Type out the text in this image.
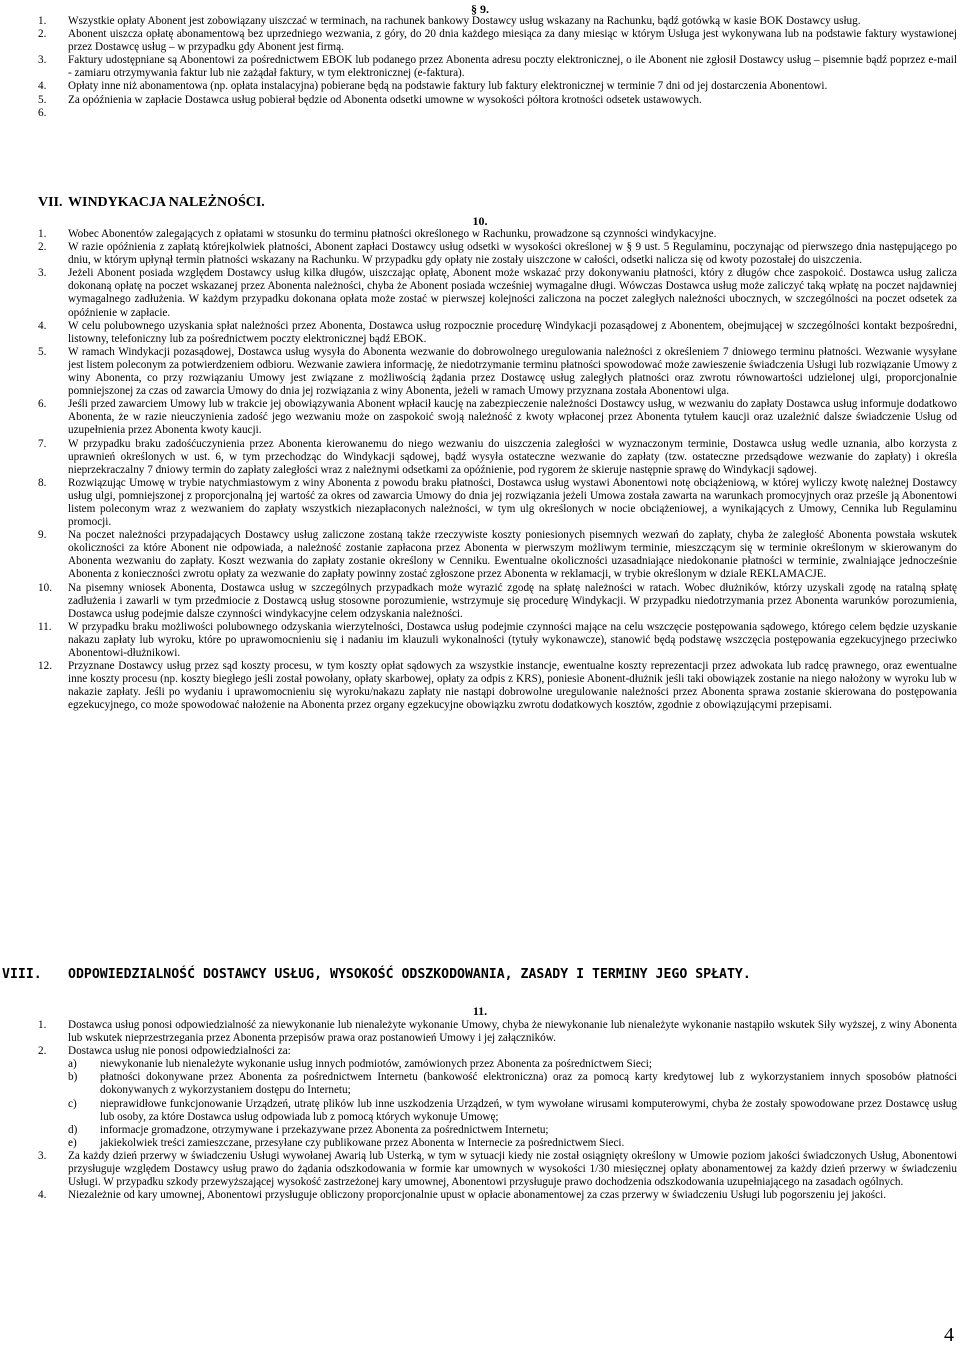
§ 9.
1. Wszystkie opłaty Abonent jest zobowiązany uiszczać w terminach, na rachunek bankowy Dostawcy usług wskazany na Rachunku, bądź gotówką w kasie BOK Dostawcy usług.
2. Abonent uiszcza opłatę abonamentową bez uprzedniego wezwania, z góry, do 20 dnia każdego miesiąca za dany miesiąc w którym Usługa jest wykonywana lub na podstawie faktury wystawionej przez Dostawcę usług – w przypadku gdy Abonent jest firmą.
3. Faktury udostępniane są Abonentowi za pośrednictwem EBOK lub podanego przez Abonenta adresu poczty elektronicznej, o ile Abonent nie zgłosił Dostawcy usług – pisemnie bądź poprzez e-mail - zamiaru otrzymywania faktur lub nie zażądał faktury, w tym elektronicznej (e-faktura).
4. Opłaty inne niż abonamentowa (np. opłata instalacyjna) pobierane będą na podstawie faktury lub faktury elektronicznej w terminie 7 dni od jej dostarczenia Abonentowi.
5. Za opóźnienia w zapłacie Dostawca usług pobierał będzie od Abonenta odsetki umowne w wysokości półtora krotności odsetek ustawowych.
6.
VII. WINDYKACJA NALEŻNOŚCI.
10.
1. Wobec Abonentów zalegających z opłatami w stosunku do terminu płatności określonego w Rachunku, prowadzone są czynności windykacyjne.
2. W razie opóźnienia z zapłatą którejkolwiek płatności, Abonent zapłaci Dostawcy usług odsetki w wysokości określonej w § 9 ust. 5 Regulaminu, poczynając od pierwszego dnia następującego po dniu, w którym upłynął termin płatności wskazany na Rachunku. W przypadku gdy opłaty nie zostały uiszczone w całości, odsetki nalicza się od kwoty pozostałej do uiszczenia.
3. Jeżeli Abonent posiada względem Dostawcy usług kilka długów, uiszczając opłatę, Abonent może wskazać przy dokonywaniu płatności, który z długów chce zaspokoić. Dostawca usług zalicza dokonaną opłatę na poczet wskazanej przez Abonenta należności, chyba że Abonent posiada wcześniej wymagalne długi. Wówczas Dostawca usług może zaliczyć taką wpłatę na poczet najdawniej wymagalnego zadłużenia. W każdym przypadku dokonana opłata może zostać w pierwszej kolejności zaliczona na poczet zaległych należności ubocznych, w szczególności na poczet odsetek za opóźnienie w zapłacie.
4. W celu polubownego uzyskania spłat należności przez Abonenta, Dostawca usług rozpocznie procedurę Windykacji pozasądowej z Abonentem, obejmującej w szczególności kontakt bezpośredni, listowny, telefoniczny lub za pośrednictwem poczty elektronicznej bądź EBOK.
5. W ramach Windykacji pozasądowej, Dostawca usług wysyła do Abonenta wezwanie do dobrowolnego uregulowania należności z określeniem 7 dniowego terminu płatności. Wezwanie wysyłane jest listem poleconym za potwierdzeniem odbioru. Wezwanie zawiera informację, że niedotrzymanie terminu płatności spowodować może zawieszenie świadczenia Usługi lub rozwiązanie Umowy z winy Abonenta, co przy rozwiązaniu Umowy jest związane z możliwością żądania przez Dostawcę usług zaległych płatności oraz zwrotu równowartości udzielonej ulgi, proporcjonalnie pomniejszonej za czas od zawarcia Umowy do dnia jej rozwiązania z winy Abonenta, jeżeli w ramach Umowy przyznana została Abonentowi ulga.
6. Jeśli przed zawarciem Umowy lub w trakcie jej obowiązywania Abonent wpłacił kaucję na zabezpieczenie należności Dostawcy usług, w wezwaniu do zapłaty Dostawca usług informuje dodatkowo Abonenta, że w razie nieuczynienia zadość jego wezwaniu może on zaspokoić swoją należność z kwoty wpłaconej przez Abonenta tytułem kaucji oraz uzależnić dalsze świadczenie Usług od uzupełnienia przez Abonenta kwoty kaucji.
7. W przypadku braku zadośćuczynienia przez Abonenta kierowanemu do niego wezwaniu do uiszczenia zaległości w wyznaczonym terminie, Dostawca usług wedle uznania, albo korzysta z uprawnień określonych w ust. 6, w tym przechodząc do Windykacji sądowej, bądź wysyła ostateczne wezwanie do zapłaty (tzw. ostateczne przedsądowe wezwanie do zapłaty) i określa nieprzekraczalny 7 dniowy termin do zapłaty zaległości wraz z należnymi odsetkami za opóźnienie, pod rygorem że skieruje następnie sprawę do Windykacji sądowej.
8. Rozwiązując Umowę w trybie natychmiastowym z winy Abonenta z powodu braku płatności, Dostawca usług wystawi Abonentowi notę obciążeniową, w której wyliczy kwotę należnej Dostawcy usług ulgi, pomniejszonej z proporcjonalną jej wartość za okres od zawarcia Umowy do dnia jej rozwiązania jeżeli Umowa została zawarta na warunkach promocyjnych oraz prześle ją Abonentowi listem poleconym wraz z wezwaniem do zapłaty wszystkich niezapłaconych należności, w tym ulg określonych w nocie obciążeniowej, a wynikających z Umowy, Cennika lub Regulaminu promocji.
9. Na poczet należności przypadających Dostawcy usług zaliczone zostaną także rzeczywiste koszty poniesionych pisemnych wezwań do zapłaty, chyba że zaległość Abonenta powstała wskutek okoliczności za które Abonent nie odpowiada, a należność zostanie zapłacona przez Abonenta w pierwszym możliwym terminie, mieszczącym się w terminie określonym w skierowanym do Abonenta wezwaniu do zapłaty. Koszt wezwania do zapłaty zostanie określony w Cenniku. Ewentualne okoliczności uzasadniające niedokonanie płatności w terminie, zwalniające jednocześnie Abonenta z konieczności zwrotu opłaty za wezwanie do zapłaty powinny zostać zgłoszone przez Abonenta w reklamacji, w trybie określonym w dziale REKLAMACJE.
10. Na pisemny wniosek Abonenta, Dostawca usług w szczególnych przypadkach może wyrazić zgodę na spłatę należności w ratach. Wobec dłużników, którzy uzyskali zgodę na ratalną spłatę zadłużenia i zawarli w tym przedmiocie z Dostawcą usług stosowne porozumienie, wstrzymuje się procedurę Windykacji. W przypadku niedotrzymania przez Abonenta warunków porozumienia, Dostawca usług podejmie dalsze czynności windykacyjne celem odzyskania należności.
11. W przypadku braku możliwości polubownego odzyskania wierzytelności, Dostawca usług podejmie czynności mające na celu wszczęcie postępowania sądowego, którego celem będzie uzyskanie nakazu zapłaty lub wyroku, które po uprawomocnieniu się i nadaniu im klauzuli wykonalności (tytuły wykonawcze), stanowić będą podstawę wszczęcia postępowania egzekucyjnego przeciwko Abonentowi-dłużnikowi.
12. Przyznane Dostawcy usług przez sąd koszty procesu, w tym koszty opłat sądowych za wszystkie instancje, ewentualne koszty reprezentacji przez adwokata lub radcę prawnego, oraz ewentualne inne koszty procesu (np. koszty biegłego jeśli został powołany, opłaty skarbowej, opłaty za odpis z KRS), poniesie Abonent-dłużnik jeśli taki obowiązek zostanie na niego nałożony w wyroku lub w nakazie zapłaty. Jeśli po wydaniu i uprawomocnieniu się wyroku/nakazu zapłaty nie nastąpi dobrowolne uregulowanie należności przez Abonenta sprawa zostanie skierowana do postępowania egzekucyjnego, co może spowodować nałożenie na Abonenta przez organy egzekucyjne obowiązku zwrotu dodatkowych kosztów, zgodnie z obowiązującymi przepisami.
VIII. ODPOWIEDZIALNOŚĆ DOSTAWCY USŁUG, WYSOKOŚĆ ODSZKODOWANIA, ZASADY I TERMINY JEGO SPŁATY.
11.
1. Dostawca usług ponosi odpowiedzialność za niewykonanie lub nienależyte wykonanie Umowy, chyba że niewykonanie lub nienależyte wykonanie nastąpiło wskutek Siły wyższej, z winy Abonenta lub wskutek nieprzestrzegania przez Abonenta przepisów prawa oraz postanowień Umowy i jej załączników.
2. Dostawca usług nie ponosi odpowiedzialności za:
a) niewykonanie lub nienależyte wykonanie usług innych podmiotów, zamówionych przez Abonenta za pośrednictwem Sieci;
b) płatności dokonywane przez Abonenta za pośrednictwem Internetu (bankowość elektroniczna) oraz za pomocą karty kredytowej lub z wykorzystaniem innych sposobów płatności dokonywanych z wykorzystaniem dostępu do Internetu;
c) nieprawidłowe funkcjonowanie Urządzeń, utratę plików lub inne uszkodzenia Urządzeń, w tym wywołane wirusami komputerowymi, chyba że zostały spowodowane przez Dostawcę usług lub osoby, za które Dostawca usług odpowiada lub z pomocą których wykonuje Umowę;
d) informacje gromadzone, otrzymywane i przekazywane przez Abonenta za pośrednictwem Internetu;
e) jakiekolwiek treści zamieszczane, przesyłane czy publikowane przez Abonenta w Internecie za pośrednictwem Sieci.
3. Za każdy dzień przerwy w świadczeniu Usługi wywołanej Awarią lub Usterką, w tym w sytuacji kiedy nie został osiągnięty określony w Umowie poziom jakości świadczonych Usług, Abonentowi przysługuje względem Dostawcy usług prawo do żądania odszkodowania w formie kar umownych w wysokości 1/30 miesięcznej opłaty abonamentowej za każdy dzień przerwy w świadczeniu Usługi. W przypadku szkody przewyższającej wysokość zastrzeżonej kary umownej, Abonentowi przysługuje prawo dochodzenia odszkodowania uzupełniającego na zasadach ogólnych.
4. Niezależnie od kary umownej, Abonentowi przysługuje obliczony proporcjonalnie upust w opłacie abonamentowej za czas przerwy w świadczeniu Usługi lub pogorszeniu jej jakości.
4
